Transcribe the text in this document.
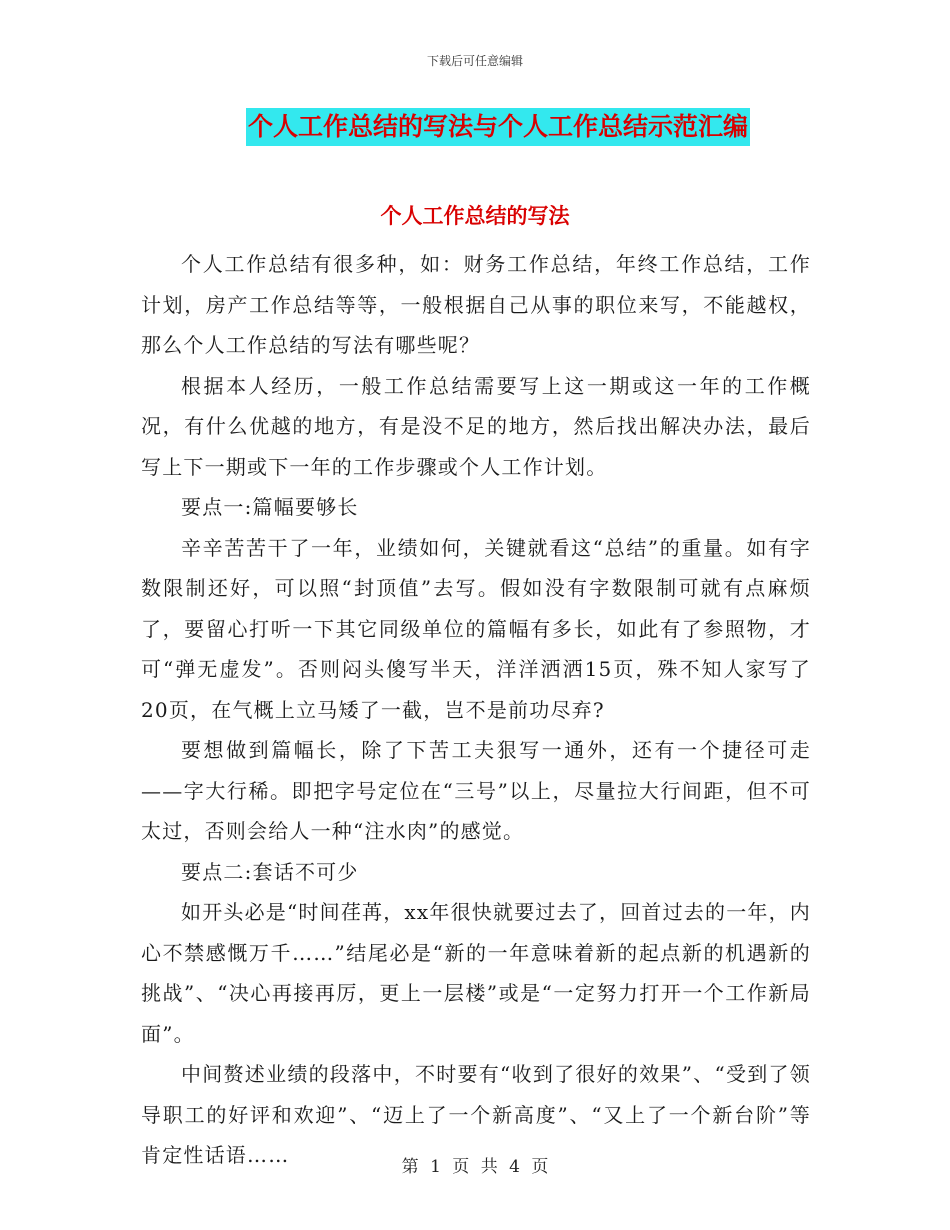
下载后可任意编辑
个人工作总结的写法与个人工作总结示范汇编
个人工作总结的写法

个人工作总结有很多种，如：财务工作总结，年终工作总结，工作计划，房产工作总结等等，一般根据自己从事的职位来写，不能越权，那么个人工作总结的写法有哪些呢？

根据本人经历，一般工作总结需要写上这一期或这一年的工作概况，有什么优越的地方，有是没不足的地方，然后找出解决办法，最后写上下一期或下一年的工作步骤或个人工作计划。

要点一:篇幅要够长

辛辛苦苦干了一年，业绩如何，关键就看这“总结”的重量。如有字数限制还好，可以照“封顶值”去写。假如没有字数限制可就有点麻烦了，要留心打听一下其它同级单位的篇幅有多长，如此有了参照物，才可“弹无虚发”。否则闷头傻写半天，洋洋洒洒15页，殊不知人家写了20页，在气概上立马矮了一截，岂不是前功尽弃?

要想做到篇幅长，除了下苦工夫狠写一通外，还有一个捷径可走——字大行稀。即把字号定位在“三号”以上，尽量拉大行间距，但不可太过，否则会给人一种“注水肉”的感觉。

要点二:套话不可少

如开头必是“时间荏苒，xx年很快就要过去了，回首过去的一年，内心不禁感慨万千……”结尾必是“新的一年意味着新的起点新的机遇新的挑战”、“决心再接再厉，更上一层楼”或是“一定努力打开一个工作新局面”。

中间赘述业绩的段落中，不时要有“收到了很好的效果”、“受到了领导职工的好评和欢迎”、“迈上了一个新高度”、“又上了一个新台阶”等肯定性话语……	第 1 页 共 4 页
